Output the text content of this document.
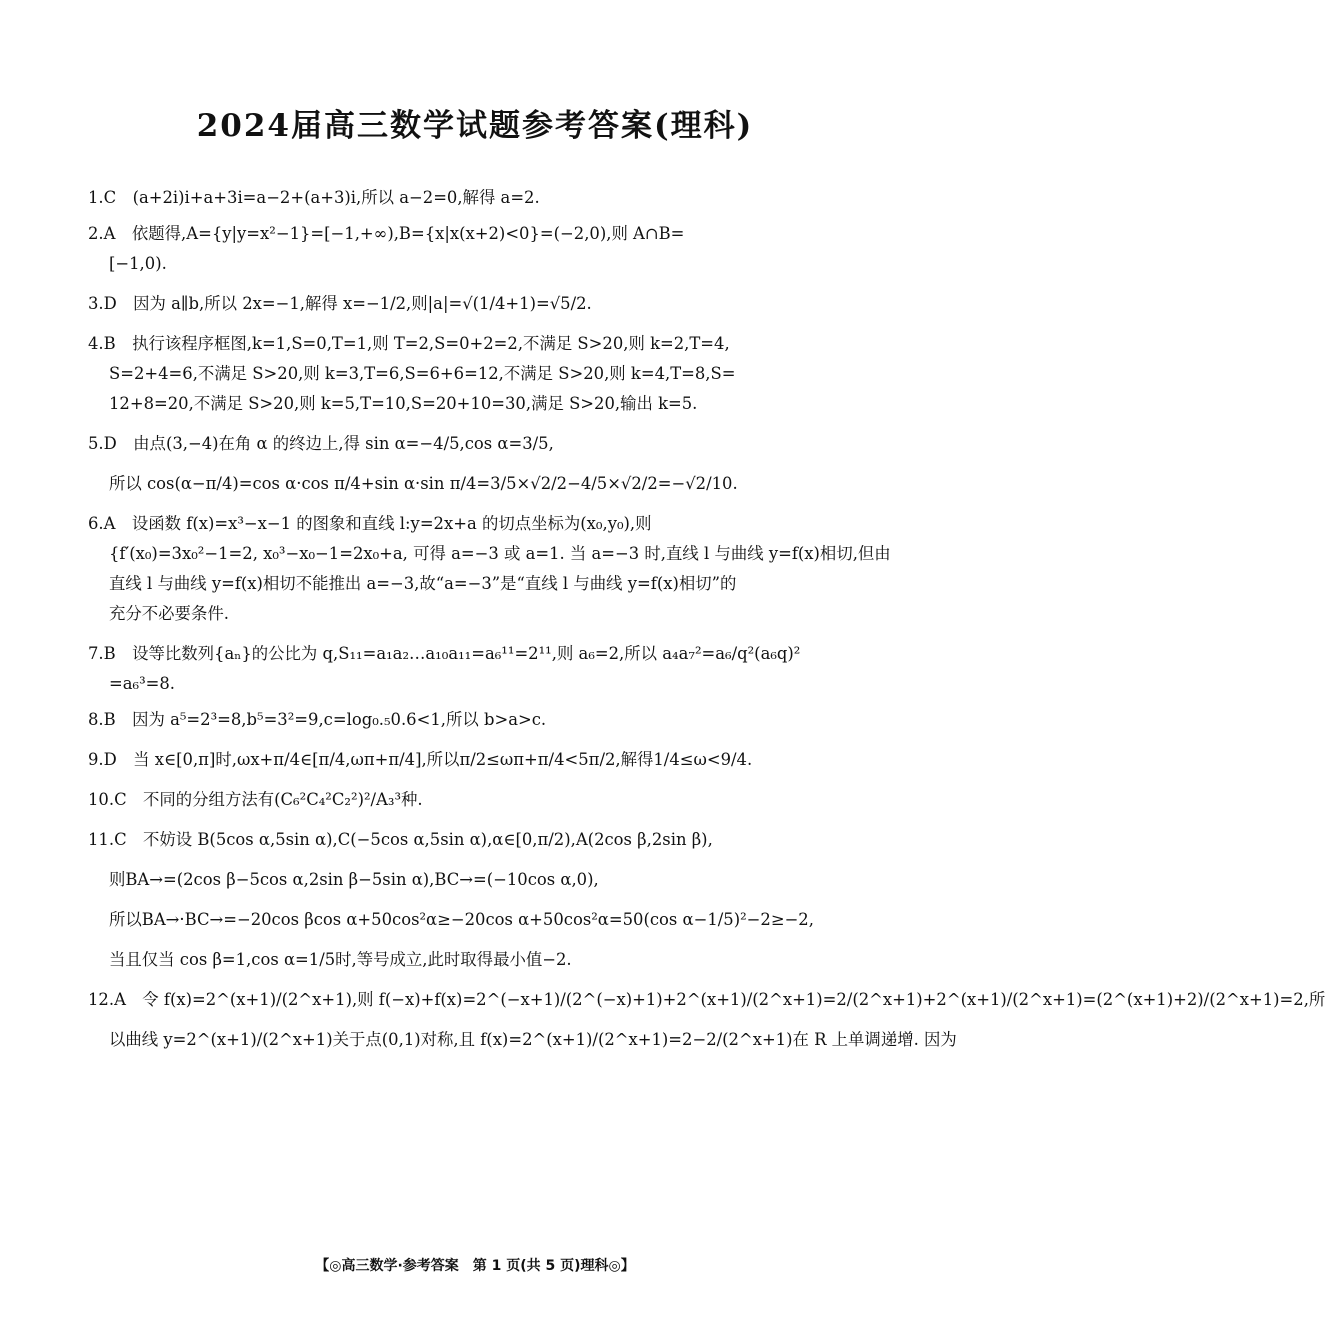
2024届高三数学试题参考答案(理科)
1.C　(a+2i)i+a+3i=a−2+(a+3)i,所以 a−2=0,解得 a=2.
2.A　依题得,A={y|y=x²−1}=[−1,+∞),B={x|x(x+2)<0}=(−2,0),则 A∩B=
[−1,0).
3.D　因为 a∥b,所以 2x=−1,解得 x=−1/2,则|a|=√(1/4+1)=√5/2.
4.B　执行该程序框图,k=1,S=0,T=1,则 T=2,S=0+2=2,不满足 S>20,则 k=2,T=4,
S=2+4=6,不满足 S>20,则 k=3,T=6,S=6+6=12,不满足 S>20,则 k=4,T=8,S=
12+8=20,不满足 S>20,则 k=5,T=10,S=20+10=30,满足 S>20,输出 k=5.
5.D　由点(3,−4)在角 α 的终边上,得 sin α=−4/5,cos α=3/5,
所以 cos(α−π/4)=cos α·cos π/4+sin α·sin π/4=3/5×√2/2−4/5×√2/2=−√2/10.
6.A　设函数 f(x)=x³−x−1 的图象和直线 l:y=2x+a 的切点坐标为(x₀,y₀),则
{f′(x₀)=3x₀²−1=2, x₀³−x₀−1=2x₀+a, 可得 a=−3 或 a=1. 当 a=−3 时,直线 l 与曲线 y=f(x)相切,但由
直线 l 与曲线 y=f(x)相切不能推出 a=−3,故“a=−3”是“直线 l 与曲线 y=f(x)相切”的
充分不必要条件.
7.B　设等比数列{aₙ}的公比为 q,S₁₁=a₁a₂…a₁₀a₁₁=a₆¹¹=2¹¹,则 a₆=2,所以 a₄a₇²=a₆/q²(a₆q)²
=a₆³=8.
8.B　因为 a⁵=2³=8,b⁵=3²=9,c=log₀.₅0.6<1,所以 b>a>c.
9.D　当 x∈[0,π]时,ωx+π/4∈[π/4,ωπ+π/4],所以π/2≤ωπ+π/4<5π/2,解得1/4≤ω<9/4.
10.C　不同的分组方法有(C₆²C₄²C₂²)²/A₃³种.
11.C　不妨设 B(5cos α,5sin α),C(−5cos α,5sin α),α∈[0,π/2),A(2cos β,2sin β),
则BA→=(2cos β−5cos α,2sin β−5sin α),BC→=(−10cos α,0),
所以BA→·BC→=−20cos βcos α+50cos²α≥−20cos α+50cos²α=50(cos α−1/5)²−2≥−2,
当且仅当 cos β=1,cos α=1/5时,等号成立,此时取得最小值−2.
12.A　令 f(x)=2^(x+1)/(2^x+1),则 f(−x)+f(x)=2^(−x+1)/(2^(−x)+1)+2^(x+1)/(2^x+1)=2/(2^x+1)+2^(x+1)/(2^x+1)=(2^(x+1)+2)/(2^x+1)=2,所
以曲线 y=2^(x+1)/(2^x+1)关于点(0,1)对称,且 f(x)=2^(x+1)/(2^x+1)=2−2/(2^x+1)在 R 上单调递增. 因为
【◎高三数学·参考答案　第 1 页(共 5 页)理科◎】
